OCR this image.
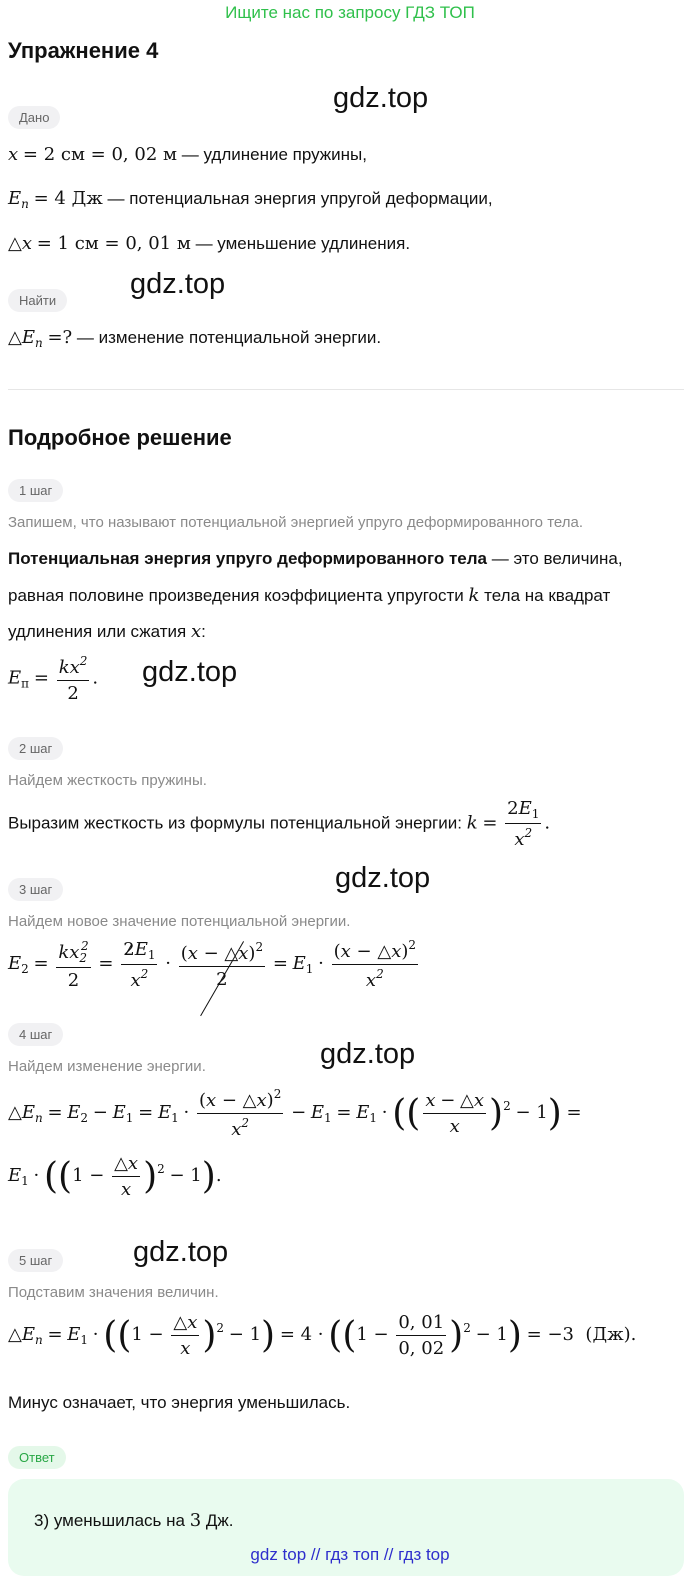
Ищите нас по запросу ГДЗ ТОП
Упражнение 4
gdz.top
Дано
x = 2 см = 0, 02 м — удлинение пружины,
$E_п = 4$ Дж — потенциальная энергия упругой деформации,
△x = 1 см = 0, 01 м — уменьшение удлинения.
Найти
gdz.top
$\triangle E_п$ =? — изменение потенциальной энергии.
Подробное решение
1 шаг
Запишем, что называют потенциальной энергией упруго деформированного тела.
Потенциальная энергия упруго деформированного тела — это величина,
равная половине произведения коэффициента упругости k тела на квадрат
удлинения или сжатия x:
$E_п = \frac{kx^2}{2}$ . gdz.top
2 шаг
Найдем жесткость пружины.
Выразим жесткость из формулы потенциальной энергии: $k = \frac{2E_1}{x^2}$ .
gdz.top
3 шаг
Найдем новое значение потенциальной энергии.
$E_2 = \frac{kx_2^2}{2} = \frac{2E_1}{x^2} \cdot \frac{(x - \triangle x)^2}{2} = E_1 \cdot \frac{(x - \triangle x)^2}{x^2}$
4 шаг
gdz.top
Найдем изменение энергии.
$\triangle E_п = E_2 - E_1 = E_1 \cdot \frac{(x - \triangle x)^2}{x^2} - E_1 = E_1$ · (( $\frac{x - \triangle x}{x} )^2 - 1$) =
$E_1 \cdot ((1 - \frac{\triangle x}{x} )^2 - 1)$.
gdz.top
5 шаг
Подставим значения величин.
$\triangle E_п = E_1 \cdot ((1 - \frac{\triangle x}{x} )^2 - 1) = 4 \cdot ((1 - \frac{0, 01}{0, 02} )^2 - 1) = -3$  (Дж).
Минус означает, что энергия уменьшилась.
Ответ
3) уменьшилась на 3 Дж.
gdz top // гдз топ // гдз top
